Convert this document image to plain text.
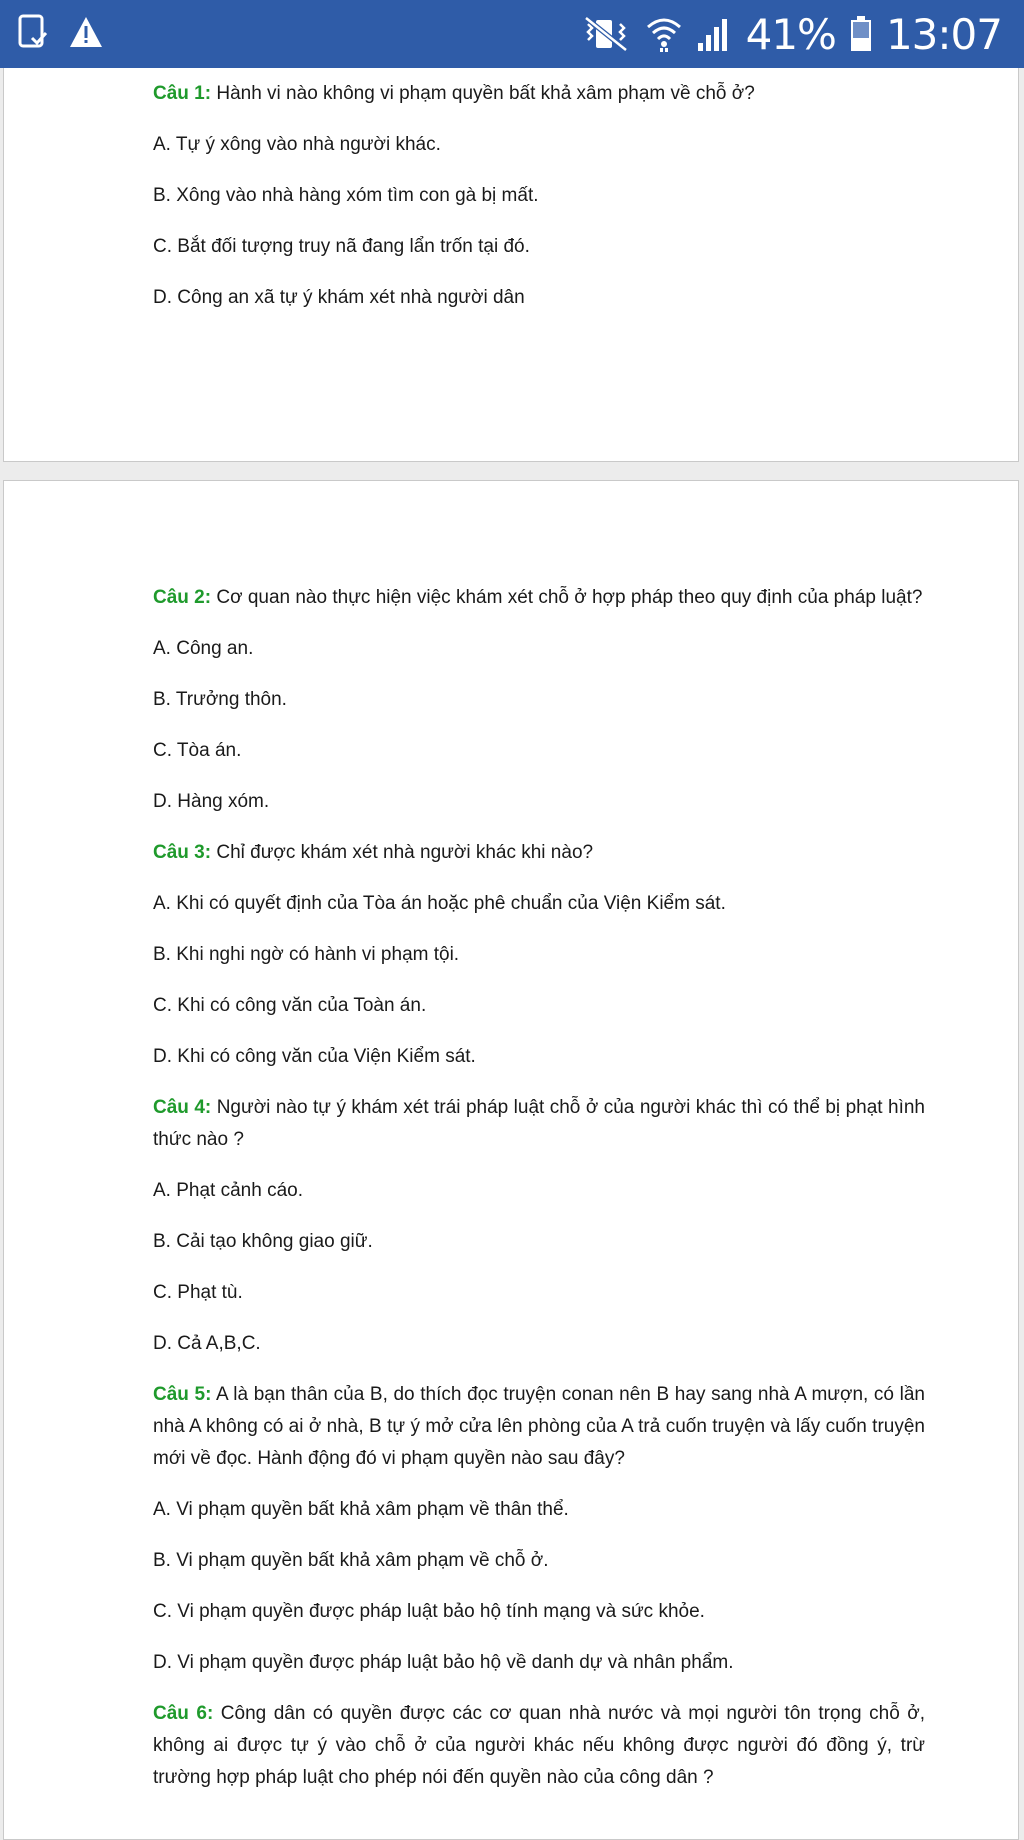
41% 13:07

Câu 1: Hành vi nào không vi phạm quyền bất khả xâm phạm về chỗ ở?

A. Tự ý xông vào nhà người khác.

B. Xông vào nhà hàng xóm tìm con gà bị mất.

C. Bắt đối tượng truy nã đang lẩn trốn tại đó.

D. Công an xã tự ý khám xét nhà người dân

Câu 2: Cơ quan nào thực hiện việc khám xét chỗ ở hợp pháp theo quy định của pháp luật?

A. Công an.

B. Trưởng thôn.

C. Tòa án.

D. Hàng xóm.

Câu 3: Chỉ được khám xét nhà người khác khi nào?

A. Khi có quyết định của Tòa án hoặc phê chuẩn của Viện Kiểm sát.

B. Khi nghi ngờ có hành vi phạm tội.

C. Khi có công văn của Toàn án.

D. Khi có công văn của Viện Kiểm sát.

Câu 4: Người nào tự ý khám xét trái pháp luật chỗ ở của người khác thì có thể bị phạt hình thức nào ?

A. Phạt cảnh cáo.

B. Cải tạo không giao giữ.

C. Phạt tù.

D. Cả A,B,C.

Câu 5: A là bạn thân của B, do thích đọc truyện conan nên B hay sang nhà A mượn, có lần nhà A không có ai ở nhà, B tự ý mở cửa lên phòng của A trả cuốn truyện và lấy cuốn truyện mới về đọc. Hành động đó vi phạm quyền nào sau đây?

A. Vi phạm quyền bất khả xâm phạm về thân thể.

B. Vi phạm quyền bất khả xâm phạm về chỗ ở.

C. Vi phạm quyền được pháp luật bảo hộ tính mạng và sức khỏe.

D. Vi phạm quyền được pháp luật bảo hộ về danh dự và nhân phẩm.

Câu 6: Công dân có quyền được các cơ quan nhà nước và mọi người tôn trọng chỗ ở, không ai được tự ý vào chỗ ở của người khác nếu không được người đó đồng ý, trừ trường hợp pháp luật cho phép nói đến quyền nào của công dân ?
